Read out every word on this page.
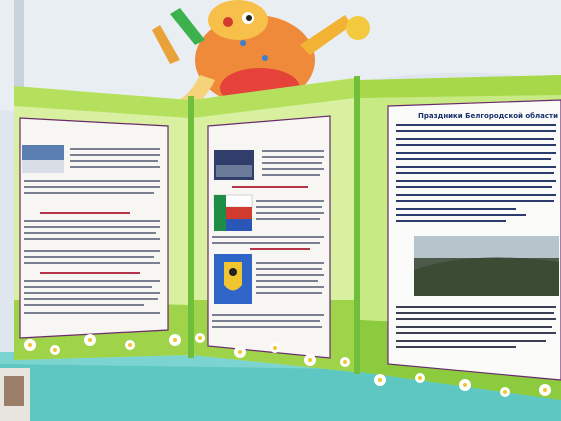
Праздники Белгородской области
